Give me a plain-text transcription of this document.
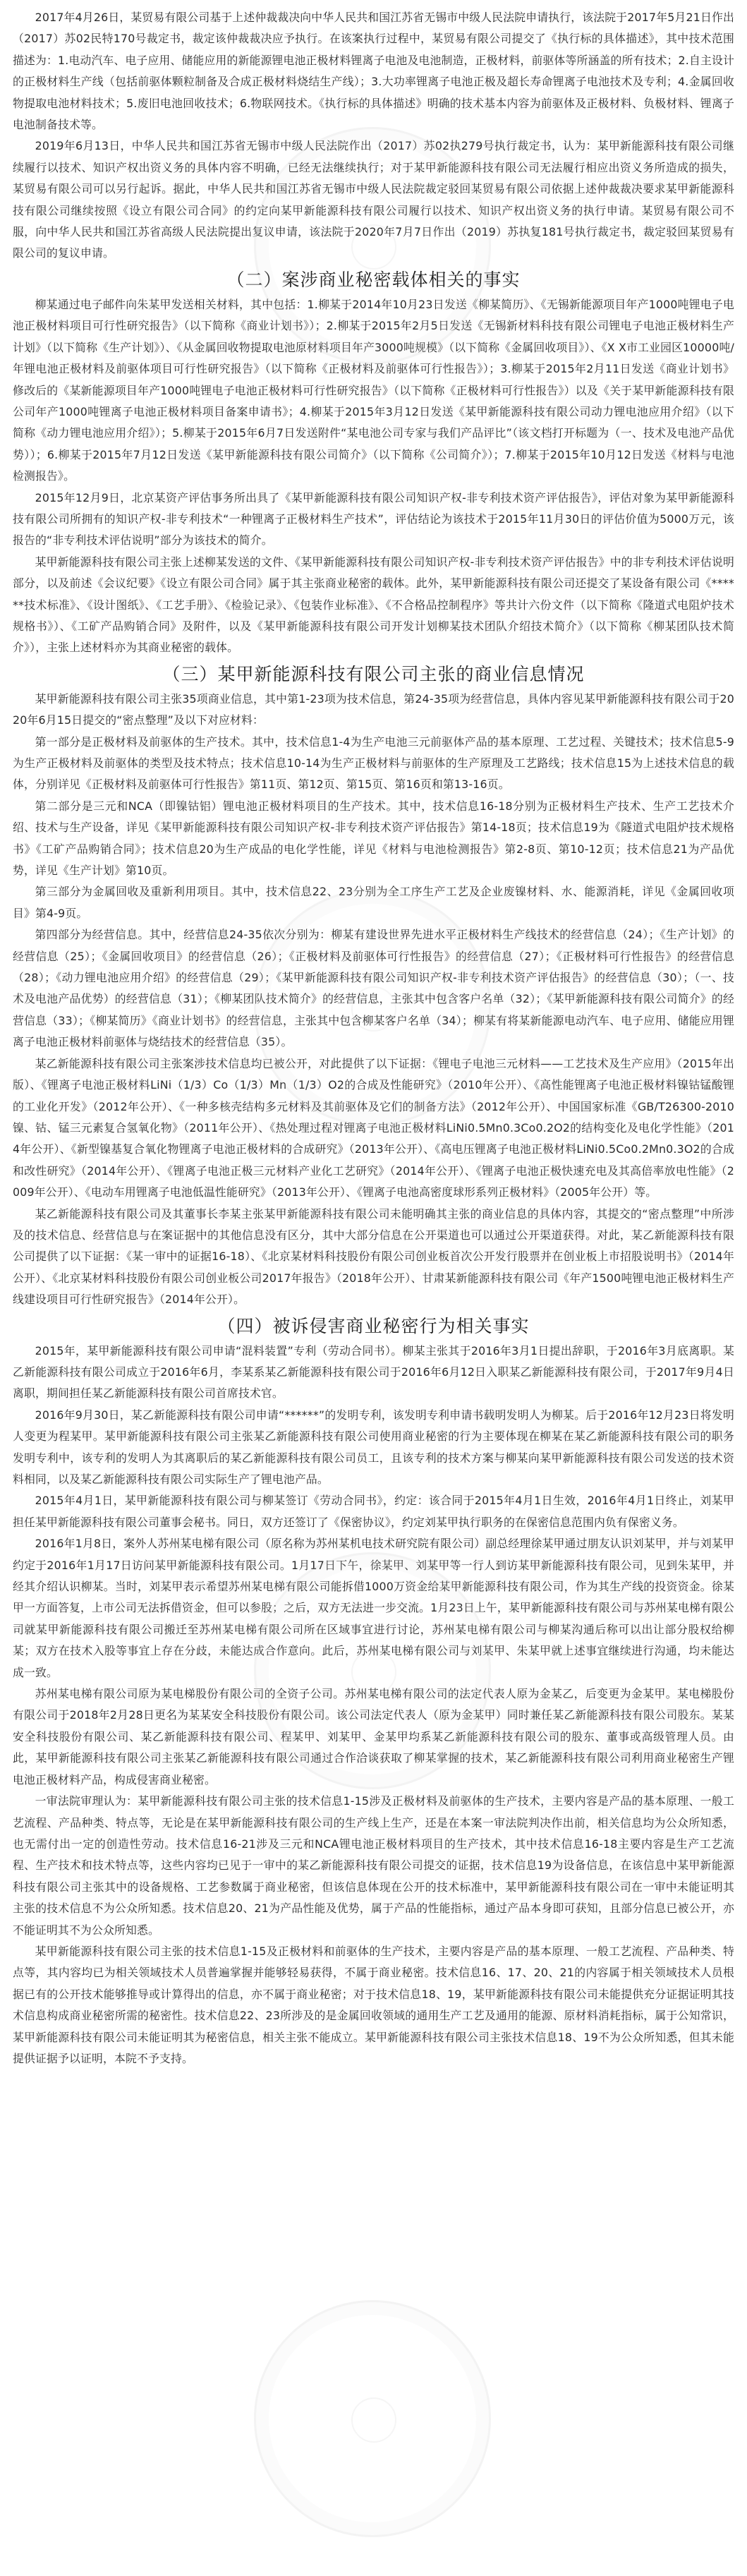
2017年4月26日，某贸易有限公司基于上述仲裁裁决向中华人民共和国江苏省无锡市中级人民法院申请执行，该法院于2017年5月21日作出（2017）苏02民特170号裁定书，裁定该仲裁裁决应予执行。在该案执行过程中，某贸易有限公司提交了《执行标的具体描述》，其中技术范围描述为：1.电动汽车、电子应用、储能应用的新能源锂电池正极材料锂离子电池及电池制造，正极材料，前驱体等所涵盖的所有技术；2.自主设计的正极材料生产线（包括前驱体颗粒制备及合成正极材料烧结生产线）；3.大功率锂离子电池正极及超长寿命锂离子电池技术及专利；4.金属回收物提取电池材料技术；5.废旧电池回收技术；6.物联网技术。《执行标的具体描述》明确的技术基本内容为前驱体及正极材料、负极材料、锂离子电池制备技术等。

2019年6月13日，中华人民共和国江苏省无锡市中级人民法院作出（2017）苏02执279号执行裁定书，认为：某甲新能源科技有限公司继续履行以技术、知识产权出资义务的具体内容不明确，已经无法继续执行；对于某甲新能源科技有限公司无法履行相应出资义务所造成的损失，某贸易有限公司可以另行起诉。据此，中华人民共和国江苏省无锡市中级人民法院裁定驳回某贸易有限公司依据上述仲裁裁决要求某甲新能源科技有限公司继续按照《设立有限公司合同》的约定向某甲新能源科技有限公司履行以技术、知识产权出资义务的执行申请。某贸易有限公司不服，向中华人民共和国江苏省高级人民法院提出复议申请，该法院于2020年7月7日作出（2019）苏执复181号执行裁定书，裁定驳回某贸易有限公司的复议申请。

（二）案涉商业秘密载体相关的事实

柳某通过电子邮件向朱某甲发送相关材料，其中包括：1.柳某于2014年10月23日发送《柳某简历》、《无锡新能源项目年产1000吨锂电子电池正极材料项目可行性研究报告》（以下简称《商业计划书》）；2.柳某于2015年2月5日发送《无锡新材料科技有限公司锂电子电池正极材料生产计划》（以下简称《生产计划》）、《从金属回收物提取电池原材料项目年产3000吨规模》（以下简称《金属回收项目》）、《X X市工业园区10000吨/年锂电池正极材料及前驱体项目可行性研究报告》（以下简称《正极材料及前驱体可行性报告》）；3.柳某于2015年2月11日发送《商业计划书》修改后的《某新能源项目年产1000吨锂电子电池正极材料可行性研究报告》（以下简称《正极材料可行性报告》）以及《关于某甲新能源科技有限公司年产1000吨锂离子电池正极材料项目备案申请书》；4.柳某于2015年3月12日发送《某甲新能源科技有限公司动力锂电池应用介绍》（以下简称《动力锂电池应用介绍》）；5.柳某于2015年6月7日发送附件“某电池公司专家与我们产品评比”（该文档打开标题为（一、技术及电池产品优势））；6.柳某于2015年7月12日发送《某甲新能源科技有限公司简介》（以下简称《公司简介》）；7.柳某于2015年10月12日发送《材料与电池检测报告》。

2015年12月9日，北京某资产评估事务所出具了《某甲新能源科技有限公司知识产权-非专利技术资产评估报告》，评估对象为某甲新能源科技有限公司所拥有的知识产权-非专利技术“一种锂离子正极材料生产技术”，评估结论为该技术于2015年11月30日的评估价值为5000万元，该报告的“非专利技术评估说明”部分为该技术的简介。

某甲新能源科技有限公司主张上述柳某发送的文件、《某甲新能源科技有限公司知识产权-非专利技术资产评估报告》中的非专利技术评估说明部分，以及前述《会议纪要》《设立有限公司合同》属于其主张商业秘密的载体。此外，某甲新能源科技有限公司还提交了某设备有限公司《******技术标准》、《设计图纸》、《工艺手册》、《检验记录》、《包装作业标准》、《不合格品控制程序》等共计六份文件（以下简称《隆道式电阻炉技术规格书》）、《工矿产品购销合同》及附件，以及《某甲新能源科技有限公司开发计划柳某技术团队介绍技术简介》（以下简称《柳某团队技术简介》），主张上述材料亦为其商业秘密的载体。

（三）某甲新能源科技有限公司主张的商业信息情况

某甲新能源科技有限公司主张35项商业信息，其中第1-23项为技术信息，第24-35项为经营信息，具体内容见某甲新能源科技有限公司于2020年6月15日提交的“密点整理”及以下对应材料：

第一部分是正极材料及前驱体的生产技术。其中，技术信息1-4为生产电池三元前驱体产品的基本原理、工艺过程、关键技术；技术信息5-9为生产正极材料及前驱体的类型及技术特点；技术信息10-14为生产正极材料与前驱体的生产原理及工艺路线；技术信息15为上述技术信息的载体，分别详见《正极材料及前驱体可行性报告》第11页、第12页、第15页、第16页和第13-16页。

第二部分是三元和NCA（即镍钴铝）锂电池正极材料项目的生产技术。其中，技术信息16-18分别为正极材料生产技术、生产工艺技术介绍、技术与生产设备，详见《某甲新能源科技有限公司知识产权-非专利技术资产评估报告》第14-18页；技术信息19为《隧道式电阻炉技术规格书》《工矿产品购销合同》；技术信息20为生产成品的电化学性能，详见《材料与电池检测报告》第2-8页、第10-12页；技术信息21为产品优势，详见《生产计划》第10页。

第三部分为金属回收及重新利用项目。其中，技术信息22、23分别为全工序生产工艺及企业废镍材料、水、能源消耗，详见《金属回收项目》第4-9页。

第四部分为经营信息。其中，经营信息24-35依次分别为：柳某有建设世界先进水平正极材料生产线技术的经营信息（24）；《生产计划》的经营信息（25）；《金属回收项目》的经营信息（26）；《正极材料及前驱体可行性报告》的经营信息（27）；《正极材料可行性报告》的经营信息（28）；《动力锂电池应用介绍》的经营信息（29）；《某甲新能源科技有限公司知识产权-非专利技术资产评估报告》的经营信息（30）；（一、技术及电池产品优势）的经营信息（31）；《柳某团队技术简介》的经营信息，主张其中包含客户名单（32）；《某甲新能源科技有限公司简介》的经营信息（33）；《柳某简历》《商业计划书》的经营信息，主张其中包含柳某客户名单（34）；柳某有将某新能源电动汽车、电子应用、储能应用锂离子电池正极材料前驱体与烧结技术的经营信息（35）。

某乙新能源科技有限公司主张案涉技术信息均已被公开，对此提供了以下证据：《锂电子电池三元材料——工艺技术及生产应用》（2015年出版）、《锂离子电池正极材料LiNi（1/3）Co（1/3）Mn（1/3）O2的合成及性能研究》（2010年公开）、《高性能锂离子电池正极材料镍钴锰酸锂的工业化开发》（2012年公开）、《一种多核壳结构多元材料及其前驱体及它们的制备方法》（2012年公开）、中国国家标准《GB/T26300-2010镍、钴、锰三元素复合氢氧化物》（2011年公开）、《热处理过程对锂离子电池正极材料LiNi0.5Mn0.3Co0.2O2的结构变化及电化学性能》（2014年公开）、《新型镍基复合氧化物锂离子电池正极材料的合成研究》（2013年公开）、《高电压锂离子电池正极材料LiNi0.5Co0.2Mn0.3O2的合成和改性研究》（2014年公开）、《锂离子电池正极三元材料产业化工艺研究》（2014年公开）、《锂离子电池正极快速充电及其高倍率放电性能》（2009年公开）、《电动车用锂离子电池低温性能研究》（2013年公开）、《锂离子电池高密度球形系列正极材料》（2005年公开）等。

某乙新能源科技有限公司及其董事长李某主张某甲新能源科技有限公司未能明确其主张的商业信息的具体内容，其提交的“密点整理”中所涉及的技术信息、经营信息与在案证据中的其他信息没有区分，其中大部分信息在公开渠道也可以通过公开渠道获得。对此，某乙新能源科技有限公司提供了以下证据：《某一审中的证据16-18）、《北京某材料科技股份有限公司创业板首次公开发行股票并在创业板上市招股说明书》（2014年公开）、《北京某材料科技股份有限公司创业板公司2017年报告》（2018年公开）、甘肃某新能源科技有限公司《年产1500吨锂电池正极材料生产线建设项目可行性研究报告》（2014年公开）。

（四）被诉侵害商业秘密行为相关事实

2015年，某甲新能源科技有限公司申请“混料装置”专利（劳动合同书）。柳某主张其于2016年3月1日提出辞职，于2016年3月底离职。某乙新能源科技有限公司成立于2016年6月，李某系某乙新能源科技有限公司于2016年6月12日入职某乙新能源科技有限公司，于2017年9月4日离职，期间担任某乙新能源科技有限公司首席技术官。

2016年9月30日，某乙新能源科技有限公司申请“******”的发明专利，该发明专利申请书载明发明人为柳某。后于2016年12月23日将发明人变更为程某甲。某甲新能源科技有限公司主张某乙新能源科技有限公司使用商业秘密的行为主要体现在柳某在某乙新能源科技有限公司的职务发明专利中，该专利的发明人为其离职后的某乙新能源科技有限公司员工，且该专利的技术方案与柳某向某甲新能源科技有限公司发送的技术资料相同，以及某乙新能源科技有限公司实际生产了锂电池产品。

2015年4月1日，某甲新能源科技有限公司与柳某签订《劳动合同书》，约定：该合同于2015年4月1日生效，2016年4月1日终止，刘某甲担任某甲新能源科技有限公司董事会秘书。同日，双方还签订了《保密协议》，约定刘某甲执行职务的在保密信息范围内负有保密义务。

2016年1月8日，案外人苏州某电梯有限公司（原名称为苏州某机电技术研究院有限公司）副总经理徐某甲通过朋友认识刘某甲，并与刘某甲约定于2016年1月17日访问某甲新能源科技有限公司。1月17日下午，徐某甲、刘某甲等一行人到访某甲新能源科技有限公司，见到朱某甲，并经其介绍认识柳某。当时，刘某甲表示希望苏州某电梯有限公司能拆借1000万资金给某甲新能源科技有限公司，作为其生产线的投资资金。徐某甲一方面答复，上市公司无法拆借资金，但可以参股；之后，双方无法进一步交流。1月23日上午，某甲新能源科技有限公司与苏州某电梯有限公司就某甲新能源科技有限公司搬迁至苏州某电梯有限公司所在区域事宜进行讨论，苏州某电梯有限公司与柳某沟通后称可以出让部分股权给柳某；双方在技术入股等事宜上存在分歧，未能达成合作意向。此后，苏州某电梯有限公司与刘某甲、朱某甲就上述事宜继续进行沟通，均未能达成一致。

苏州某电梯有限公司原为某电梯股份有限公司的全资子公司。苏州某电梯有限公司的法定代表人原为金某乙，后变更为金某甲。某电梯股份有限公司于2018年2月28日更名为某某安全科技股份有限公司。该公司法定代表人（原为金某甲）同时兼任某乙新能源科技有限公司股东。某某安全科技股份有限公司、某乙新能源科技有限公司、程某甲、刘某甲、金某甲均系某乙新能源科技有限公司的股东、董事或高级管理人员。由此，某甲新能源科技有限公司主张某乙新能源科技有限公司通过合作洽谈获取了柳某掌握的技术，某乙新能源科技有限公司利用商业秘密生产锂电池正极材料产品，构成侵害商业秘密。

一审法院审理认为：某甲新能源科技有限公司主张的技术信息1-15涉及正极材料及前驱体的生产技术，主要内容是产品的基本原理、一般工艺流程、产品种类、特点等，无论是在某甲新能源科技有限公司的生产线上生产，还是在本案一审法院判决作出前，相关信息均为公众所知悉，也无需付出一定的创造性劳动。技术信息16-21涉及三元和NCA锂电池正极材料项目的生产技术，其中技术信息16-18主要内容是生产工艺流程、生产技术和技术特点等，这些内容均已见于一审中的某乙新能源科技有限公司提交的证据，技术信息19为设备信息，在该信息中某甲新能源科技有限公司主张其中的设备规格、工艺参数属于商业秘密，但该信息体现在公开的技术标准中，某甲新能源科技有限公司在一审中未能证明其主张的技术信息不为公众所知悉。技术信息20、21为产品性能及优势，属于产品的性能指标，通过产品本身即可获知，且部分信息已被公开，亦不能证明其不为公众所知悉。

某甲新能源科技有限公司主张的技术信息1-15及正极材料和前驱体的生产技术，主要内容是产品的基本原理、一般工艺流程、产品种类、特点等，其内容均已为相关领域技术人员普遍掌握并能够轻易获得，不属于商业秘密。技术信息16、17、20、21的内容属于相关领域技术人员根据已有的公开技术能够推导或计算得出的信息，亦不属于商业秘密；对于技术信息18、19，某甲新能源科技有限公司未能提供充分证据证明其技术信息构成商业秘密所需的秘密性。技术信息22、23所涉及的是金属回收领域的通用生产工艺及通用的能源、原材料消耗指标，属于公知常识，某甲新能源科技有限公司未能证明其为秘密信息，相关主张不能成立。某甲新能源科技有限公司主张技术信息18、19不为公众所知悉，但其未能提供证据予以证明，本院不予支持。
